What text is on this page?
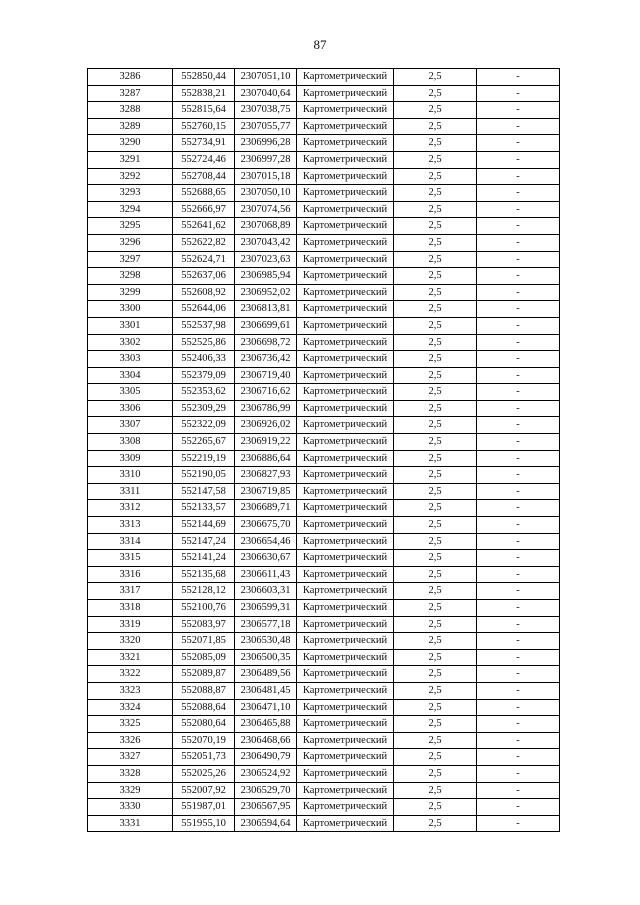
87
3286	552850,44	2307051,10	Картометрический	2,5	-
3287	552838,21	2307040,64	Картометрический	2,5	-
3288	552815,64	2307038,75	Картометрический	2,5	-
3289	552760,15	2307055,77	Картометрический	2,5	-
3290	552734,91	2306996,28	Картометрический	2,5	-
3291	552724,46	2306997,28	Картометрический	2,5	-
3292	552708,44	2307015,18	Картометрический	2,5	-
3293	552688,65	2307050,10	Картометрический	2,5	-
3294	552666,97	2307074,56	Картометрический	2,5	-
3295	552641,62	2307068,89	Картометрический	2,5	-
3296	552622,82	2307043,42	Картометрический	2,5	-
3297	552624,71	2307023,63	Картометрический	2,5	-
3298	552637,06	2306985,94	Картометрический	2,5	-
3299	552608,92	2306952,02	Картометрический	2,5	-
3300	552644,06	2306813,81	Картометрический	2,5	-
3301	552537,98	2306699,61	Картометрический	2,5	-
3302	552525,86	2306698,72	Картометрический	2,5	-
3303	552406,33	2306736,42	Картометрический	2,5	-
3304	552379,09	2306719,40	Картометрический	2,5	-
3305	552353,62	2306716,62	Картометрический	2,5	-
3306	552309,29	2306786,99	Картометрический	2,5	-
3307	552322,09	2306926,02	Картометрический	2,5	-
3308	552265,67	2306919,22	Картометрический	2,5	-
3309	552219,19	2306886,64	Картометрический	2,5	-
3310	552190,05	2306827,93	Картометрический	2,5	-
3311	552147,58	2306719,85	Картометрический	2,5	-
3312	552133,57	2306689,71	Картометрический	2,5	-
3313	552144,69	2306675,70	Картометрический	2,5	-
3314	552147,24	2306654,46	Картометрический	2,5	-
3315	552141,24	2306630,67	Картометрический	2,5	-
3316	552135,68	2306611,43	Картометрический	2,5	-
3317	552128,12	2306603,31	Картометрический	2,5	-
3318	552100,76	2306599,31	Картометрический	2,5	-
3319	552083,97	2306577,18	Картометрический	2,5	-
3320	552071,85	2306530,48	Картометрический	2,5	-
3321	552085,09	2306500,35	Картометрический	2,5	-
3322	552089,87	2306489,56	Картометрический	2,5	-
3323	552088,87	2306481,45	Картометрический	2,5	-
3324	552088,64	2306471,10	Картометрический	2,5	-
3325	552080,64	2306465,88	Картометрический	2,5	-
3326	552070,19	2306468,66	Картометрический	2,5	-
3327	552051,73	2306490,79	Картометрический	2,5	-
3328	552025,26	2306524,92	Картометрический	2,5	-
3329	552007,92	2306529,70	Картометрический	2,5	-
3330	551987,01	2306567,95	Картометрический	2,5	-
3331	551955,10	2306594,64	Картометрический	2,5	-
